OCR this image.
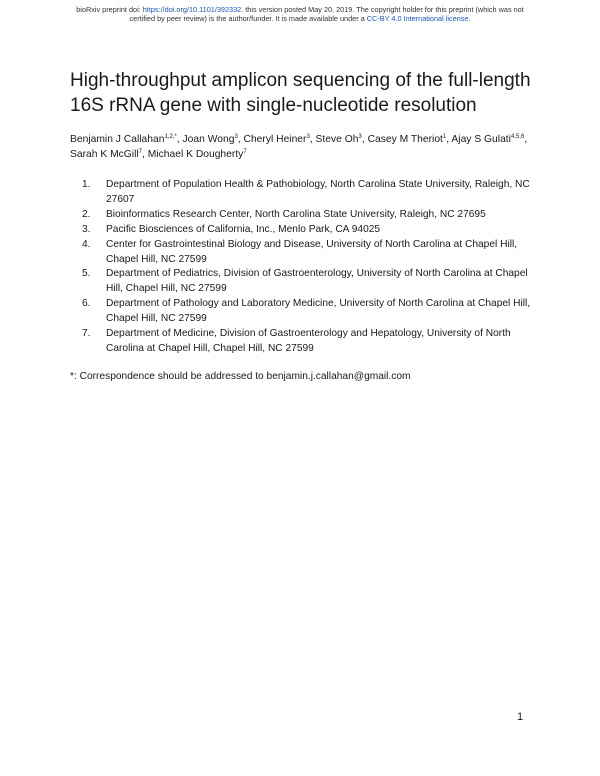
bioRxiv preprint doi: https://doi.org/10.1101/392332. this version posted May 20, 2019. The copyright holder for this preprint (which was not
certified by peer review) is the author/funder. It is made available under a CC-BY 4.0 International license.
High-throughput amplicon sequencing of the full-length
16S rRNA gene with single-nucleotide resolution
Benjamin J Callahan$^{1,2,*}$, Joan Wong$^3$, Cheryl Heiner$^3$, Steve Oh$^3$, Casey M Theriot$^1$, Ajay S Gulati$^{4,5,6}$, Sarah K McGill$^7$, Michael K Dougherty$^7$
1. Department of Population Health & Pathobiology, North Carolina State University, Raleigh, NC 27607
2. Bioinformatics Research Center, North Carolina State University, Raleigh, NC 27695
3. Pacific Biosciences of California, Inc., Menlo Park, CA 94025
4. Center for Gastrointestinal Biology and Disease, University of North Carolina at Chapel Hill, Chapel Hill, NC 27599
5. Department of Pediatrics, Division of Gastroenterology, University of North Carolina at Chapel Hill, Chapel Hill, NC 27599
6. Department of Pathology and Laboratory Medicine, University of North Carolina at Chapel Hill, Chapel Hill, NC 27599
7. Department of Medicine, Division of Gastroenterology and Hepatology, University of North Carolina at Chapel Hill, Chapel Hill, NC 27599
*: Correspondence should be addressed to benjamin.j.callahan@gmail.com
1
